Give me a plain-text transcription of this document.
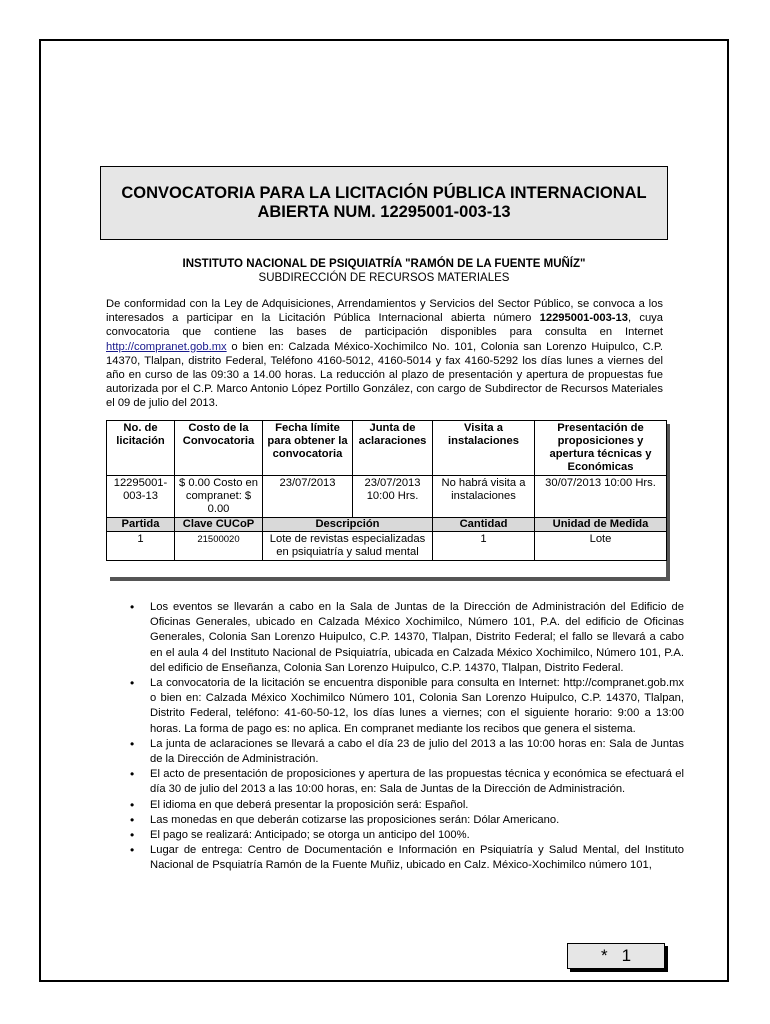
CONVOCATORIA PARA LA LICITACIÓN PÚBLICA INTERNACIONAL
ABIERTA NUM. 12295001-003-13
INSTITUTO NACIONAL DE PSIQUIATRÍA "RAMÓN DE LA FUENTE MUÑÍZ"
SUBDIRECCIÓN DE RECURSOS MATERIALES
De conformidad con la Ley de Adquisiciones, Arrendamientos y Servicios del Sector Público, se convoca a los interesados a participar en la Licitación Pública Internacional abierta número 12295001-003-13, cuya convocatoria que contiene las bases de participación disponibles para consulta en Internet http://compranet.gob.mx o bien en: Calzada México-Xochimilco No. 101, Colonia san Lorenzo Huipulco, C.P. 14370, Tlalpan, distrito Federal, Teléfono 4160-5012, 4160-5014 y fax 4160-5292 los días lunes a viernes del año en curso de las 09:30 a 14.00 horas. La reducción al plazo de presentación y apertura de propuestas fue autorizada por el C.P. Marco Antonio López Portillo González, con cargo de Subdirector de Recursos Materiales el 09 de julio del 2013.
No. de licitación	Costo de la Convocatoria	Fecha límite para obtener la convocatoria	Junta de aclaraciones	Visita a instalaciones	Presentación de proposiciones y apertura técnicas y Económicas
12295001-003-13	$ 0.00 Costo en compranet: $ 0.00	23/07/2013	23/07/2013 10:00 Hrs.	No habrá visita a instalaciones	30/07/2013 10:00 Hrs.
Partida	Clave CUCoP	Descripción		Cantidad	Unidad de Medida
1	21500020	Lote de revistas especializadas en psiquiatría y salud mental		1	Lote
• Los eventos se llevarán a cabo en la Sala de Juntas de la Dirección de Administración del Edificio de Oficinas Generales, ubicado en Calzada México Xochimilco, Número 101, P.A. del edificio de Oficinas Generales, Colonia San Lorenzo Huipulco, C.P. 14370, Tlalpan, Distrito Federal; el fallo se llevará a cabo en el aula 4 del Instituto Nacional de Psiquiatría, ubicada en Calzada México Xochimilco, Número 101, P.A. del edificio de Enseñanza, Colonia San Lorenzo Huipulco, C.P. 14370, Tlalpan, Distrito Federal.
• La convocatoria de la licitación se encuentra disponible para consulta en Internet: http://compranet.gob.mx o bien en: Calzada México Xochimilco Número 101, Colonia San Lorenzo Huipulco, C.P. 14370, Tlalpan, Distrito Federal, teléfono: 41-60-50-12, los días lunes a viernes; con el siguiente horario: 9:00 a 13:00 horas. La forma de pago es: no aplica. En compranet mediante los recibos que genera el sistema.
• La junta de aclaraciones se llevará a cabo el día 23 de julio del 2013 a las 10:00 horas en: Sala de Juntas de la Dirección de Administración.
• El acto de presentación de proposiciones y apertura de las propuestas técnica y económica se efectuará el día 30 de julio del 2013 a las 10:00 horas, en: Sala de Juntas de la Dirección de Administración.
• El idioma en que deberá presentar la proposición será: Español.
• Las monedas en que deberán cotizarse las proposiciones serán: Dólar Americano.
• El pago se realizará: Anticipado; se otorga un anticipo del 100%.
• Lugar de entrega: Centro de Documentación e Información en Psiquiatría y Salud Mental, del Instituto Nacional de Psquiatría Ramón de la Fuente Muñiz, ubicado en Calz. México-Xochimilco número 101,
* 1
